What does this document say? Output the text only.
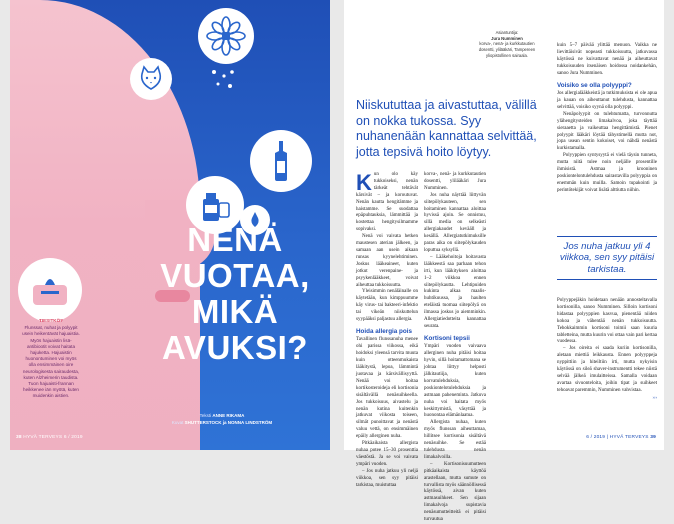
TIESITKÖ?
Flunssat, nuhat ja polyypit usein heikentävät hajuaistia. Myös hajuaistin lisä-antibiootit voivat haitata hajuketta. Hajuaistin huonontuminen voi myös olla ensimmäinen oire neurologisesta sairaudesta, kuten Alzheimerin taudista. Tuon hajuaisti-frannan heikkenee iän myötä, kuten muidenkin aistien.
NENÄ
VUOTAA,
MIKÄ
AVUKSI?
Teksti ANNE RIKAMA
Kuvat SHUTTERSTOCK ja NONNA LINDSTRÖM
38 HYVÄ TERVEYS 6 / 2019
Asiantuntija:
Jura Numminen
korva-, nenä- ja kurkkutautien dosentti, ylilääkäri, Tampereen yliopistollinen sairaala.
Niiskututtaa ja aivastuttaa, välillä on nokka tukossa. Syy nuhanenään kannattaa selvittää, jotta tepsivä hoito löytyy.

Kun olo käy tukkoiseksi, nenän tärkeät tehtävät kärsivät – ja koroutuvat. Nenän kautta hengitämme ja haistamme. Se suodattaa epäpuhtauksia, lämmittää ja kostettaa hengitysilmamme sopivaksi.

Nenä voi vaivata hetken maustesen aterian jälkeen, ja samaan aan usein aikaan runsas kyynelehtiminen. Joskus lääkeaineet, kuten jotkut verenpaine- ja psyykenlääkkeet, voivat aiheuttaa tukkoisuutta.

Yleisimmin nenäläinalle on käytetään, kun kimppuumme käy virus- tai bakteeri-infektio tai vikeän niiskuttelun syypääksi paljastuu allergia.

Hoida allergia pois

Tavallinen flunssanuha menee ohi parissa viikossa, eikä hoidoksi yleensä tarvita muuta kuin otteenmukaista lääkitystä, lepoa, lämmintä juotavaa ja kärsivällisyyttä. Nenää voi hoitaa kortikosteroideja eli kortisonia sisältävällä nenäsuihkeella. Jos tukkoisuus, aivastelu ja nenän kutina kuitenkin jatkuvat viikosta toiseen, silmät punoittavat ja nenästä valuu vettä, on ensimmäinen epäily allerginen nuha.

Pitkäaikaista allergista nuhaa potee 15–30 prosenttia väestöstä. Ja se voi vaivata ympäri vuoden.

– Jos nuha jatkuu yli neljä viikkoa, sen syy pitäisi tarkistaa, muistuttaa

korva-, nenä- ja kurkkutautien dosentti, ylilääkäri Jura Numminen.

Jos nuha näyttää liittyvän siitepölykauteen, sen hoitaminen kannattaa aloittaa hyvissä ajoin. Se onnistuu, sillä media on selkeästi allergiakaudet kevääll ja kesällä. Allergiatutkimuksille paras aika on siitepölykauden loputtua syksyllä.

– Lääkehoitoja hoitavasta lääkkeestä saa parhaan tehon irti, kun lääkityksen aloittaa 1–2 viikkoa ennen siitepölykautta. Lehtipuiden kukinta alkaa maalis-huhtikuussa, ja haulten eteläistä tuomaa siitepölyä on ilmassa joskus jo aiemminkin. Allergiatiedotteita kannattaa seurata.

Kortisoni tepsii

Ympäri vuoden vaivaava allerginen nuha pitäisi hoitaa hyvin, sillä hoitamattomana se johtaa liittyy helposti jälkitautiija, kuten korvatulehduksia, poskiontelotulehduksia ja astmaan paheneminta. Jatkuva nuha voi haitata myös keskittymistä, väsyttää ja huonontaa elämänlaatua.

Allergista nuhaa, kuten myös flunssan aiheuttamaa, hillitsee kortisonia sisältävä nenäsuihke. Se estää tulehdusta nenän limakalvoilla.

– Kortisonisuumutteen pitkäaikaista käyttöä arastellaan, mutta sumute on turvallista myös säännöllisessä käytössä, aivan kuten astmasuihkeet. Sen sijaan limakalvoja supistavia nenäsumutteitteitä ei pitäisi turvautua

kuin 5–7 päivää ylittää menuon. Vaikka ne lievittäisivät nopeasti tukkoisuutta, jatkuvassa käytössä ne kuivattavat nenää ja aiheuttavat tukkoisuuden itsenäisen hoidossa noidankehän, sanoo Jura Numminen.

Voisiko se olla polyyppi?

Jos allergialääkkeistä ja tutkimuksista ei ole apua ja kauan on aiheuttanut tulehdusta, kannattaa selvittää, voisiko syynä olla polyyppi.

Nenäpolyypit on tulehtumatta, turvonnutta ylähengitysteiden limakalvoa, joka täyttää sieraaetta ja vaikeuttaa hengittämistä. Pienet polyypit lääkäri löytää tähystimellä mutta not, jopa usean sentin kokoiset, voi nähdä nenästä kurkistamalla.

Polyyppien syntysyytä ei vielä täysin tunneta, mutta niitä tulee noin neljälle prosentille ihmisistä. Astmaa ja krooninen poskiontelontulehdusta sairastavilla polyyppia on enemmän kuin muilla. Samoin tupakointi ja perintötekijät voivat lisätä alttiutta niihin.

Jos nuha jatkuu yli 4 viikkoa, sen syy pitäisi tarkistaa.

Polyyppejäkin hoidetaan nenään annosteltavalla kortisonilla, sanoo Numminen. Silloin kortisoni hidastaa polyyppien kasvua, pienentää niiden kokoa ja vähentää nenän tukkoisuutta. Tehokkaimmin kortisoni toimii saan kuuria tabletteina, mutta kuurin voi ottaa vain pari kertaa vuodessa.

– Jos oireita ei saada kuriin kortisonilla, aletaan miettiä leikkausta. Ennen polyyppeja nyppittiin ja hiteiltiin irti, mutta nykyisin käytössä on sileä shaver-instrumentti tekee niistä selvää jälkeä imulaitteissa. Samalla voidaan avartaa sivuonteloita, joihin tipat ja suihkeet tehoavat paremmin, Numminen vahvistaa.

›››

6 / 2019 | HYVÄ TERVEYS 39
